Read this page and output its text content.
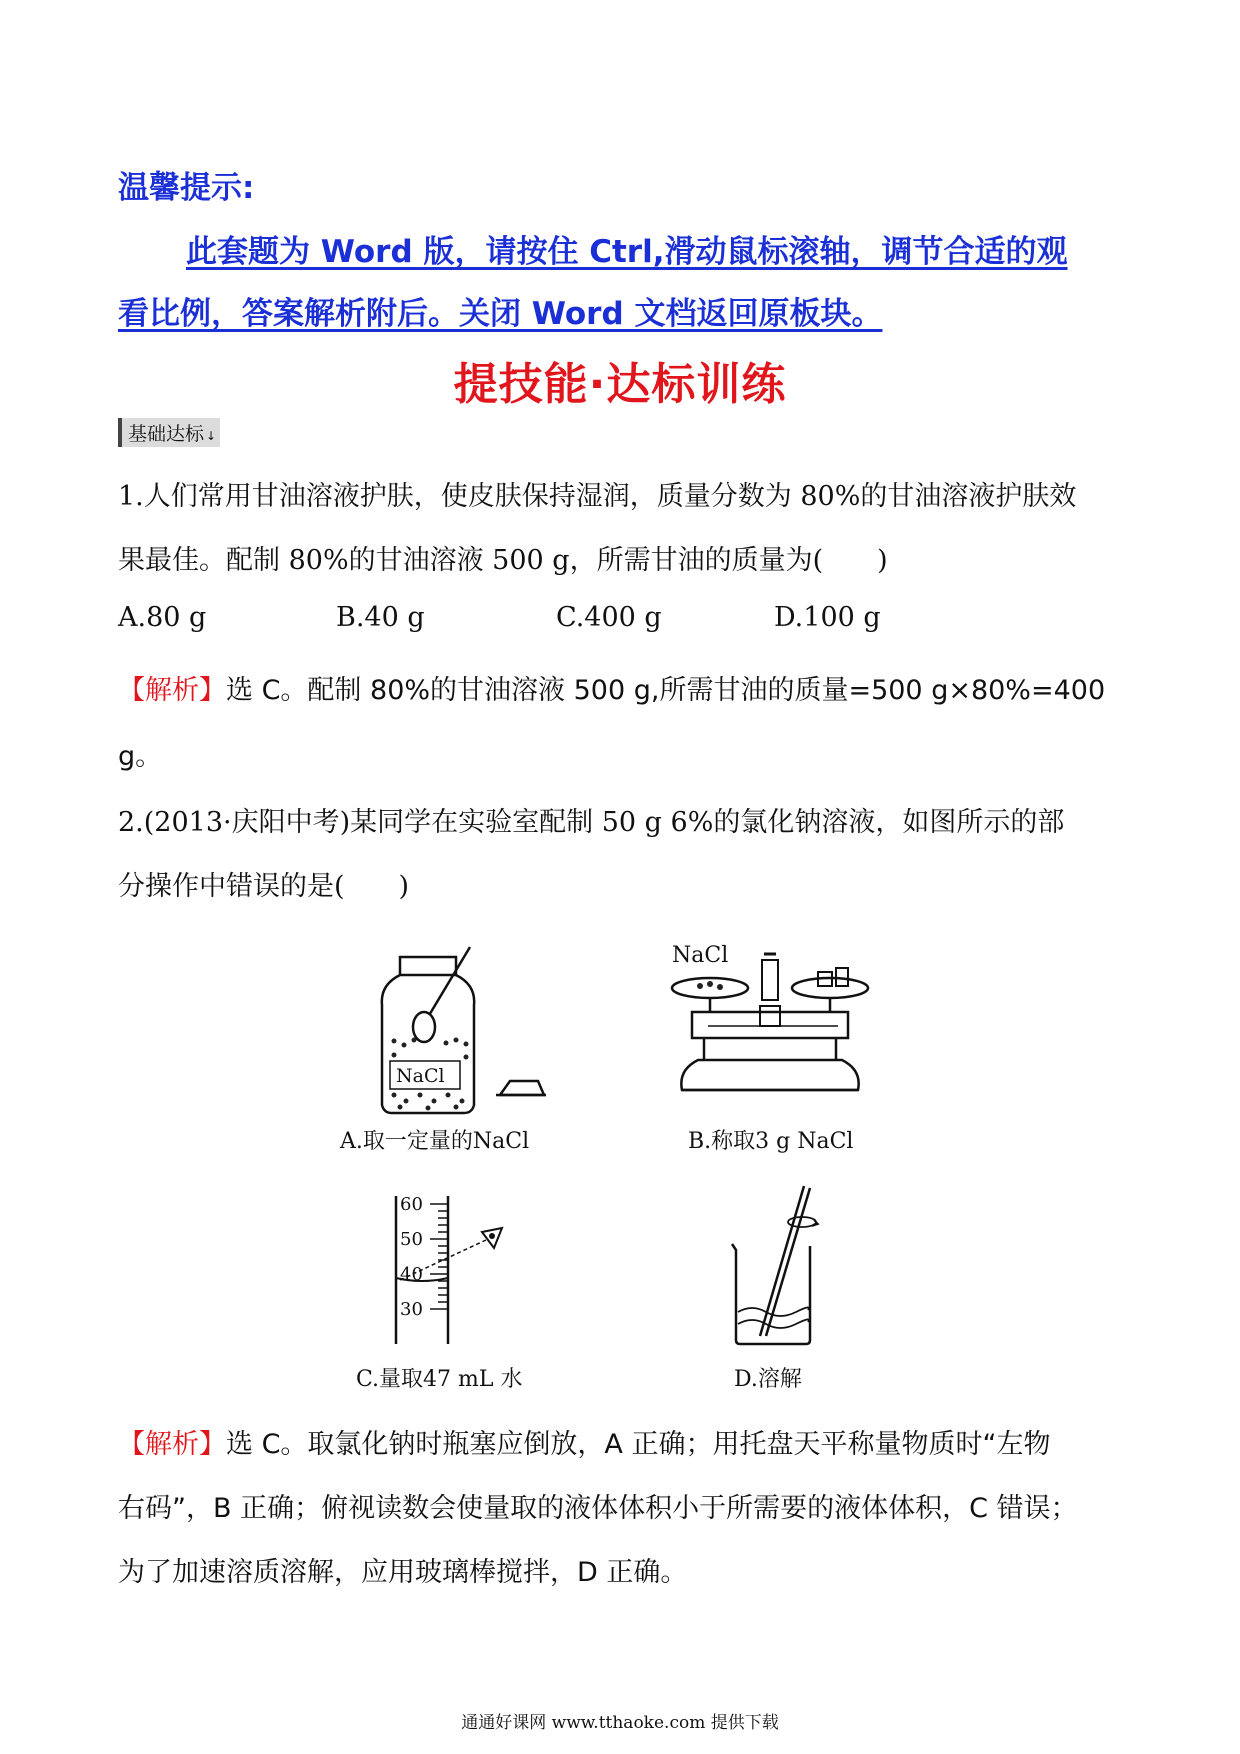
温馨提示:
此套题为 Word 版，请按住 Ctrl,滑动鼠标滚轴，调节合适的观
看比例，答案解析附后。关闭 Word 文档返回原板块。
提技能·达标训练
基础达标 ↓
1.人们常用甘油溶液护肤，使皮肤保持湿润，质量分数为 80%的甘油溶液护肤效
果最佳。配制 80%的甘油溶液 500 g，所需甘油的质量为(　　)
A.80 g	B.40 g	C.400 g	D.100 g
【解析】选 C。配制 80%的甘油溶液 500 g,所需甘油的质量=500 g×80%=400
g。
2.(2013·庆阳中考)某同学在实验室配制 50 g 6%的氯化钠溶液，如图所示的部
分操作中错误的是(　　)
NaCl
A.取一定量的NaCl
NaCl
B.称取3 g NaCl
60
50
40
30
C.量取47 mL 水	D.溶解
【解析】选 C。取氯化钠时瓶塞应倒放，A 正确；用托盘天平称量物质时“左物
右码”，B 正确；俯视读数会使量取的液体体积小于所需要的液体体积，C 错误；
为了加速溶质溶解，应用玻璃棒搅拌，D 正确。
通通好课网 www.tthaoke.com 提供下载
